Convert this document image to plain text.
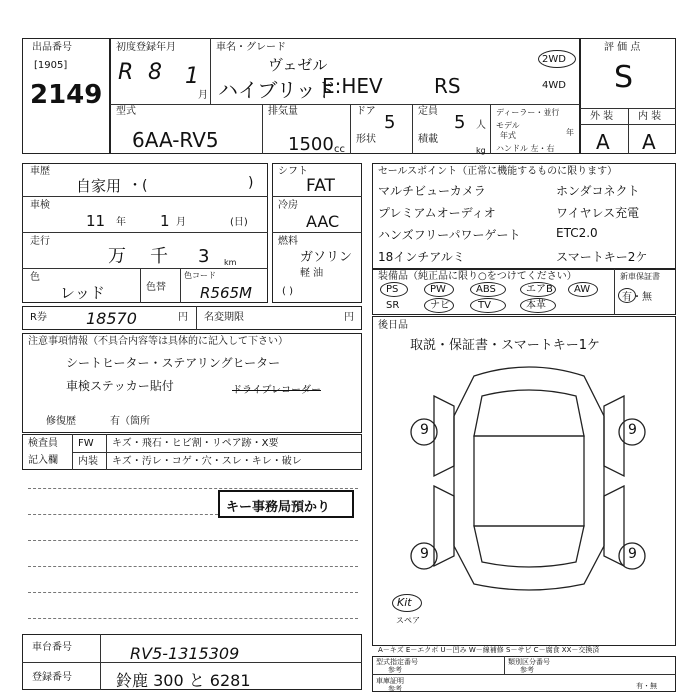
出品番号
[1905]
2149
初度登録年月
R 8 1
月
車名・グレード
ヴェゼル
ハイブリッド
E:HEV	RS
2WD
4WD
型式
6AA-RV5
排気量
1500 cc
ドア
5
形状
定員
5 人
積載
kg
ディーラー・並行
モデル
年式	年
ハンドル 左・右
評 価 点
S
外 装 内 装
A A
車歴
自家用 ・(	)
車検
11 年 1 月	(日)
走行
万 千 3 km
色
レッド	色替
色コード
R565M
シフト
FAT
冷房
AAC
燃料
ガソリン
軽 油
( )
セールスポイント（正常に機能するものに限ります）
マルチビューカメラ	ホンダコネクト
プレミアムオーディオ	ワイヤレス充電
ハンズフリーパワーゲート	ETC2.0
18インチアルミ	スマートキー2ケ
装備品（純正品に限り○をつけてください）
PS	PW	ABS	エアB AW
SR	ナビ	TV	本革
新車保証書
有・無
R券 18570	円 名変期限	円
注意事項情報（不具合内容等は具体的に記入して下さい）
シートヒーター・ステアリングヒーター
車検ステッカー貼付	ドライブレコーダー
修復歴	有（箇所
後日品
取説・保証書・スマートキー1ケ
9	9
9	9
Kit
スペア
検査員
記入欄
FW キズ・飛石・ヒビ割・リペア跡・X要
内装 キズ・汚レ・コゲ・穴・スレ・キレ・破レ
キー事務局預かり
車台番号	RV5-1315309
登録番号	鈴鹿 300 と 6281
A－キズ E－エクボ U－凹み W－線補修 S－サビ C－腐食 XX－交換済
型式指定番号
参考
類別区分番号
参考
車庫証明
参考	有・無
